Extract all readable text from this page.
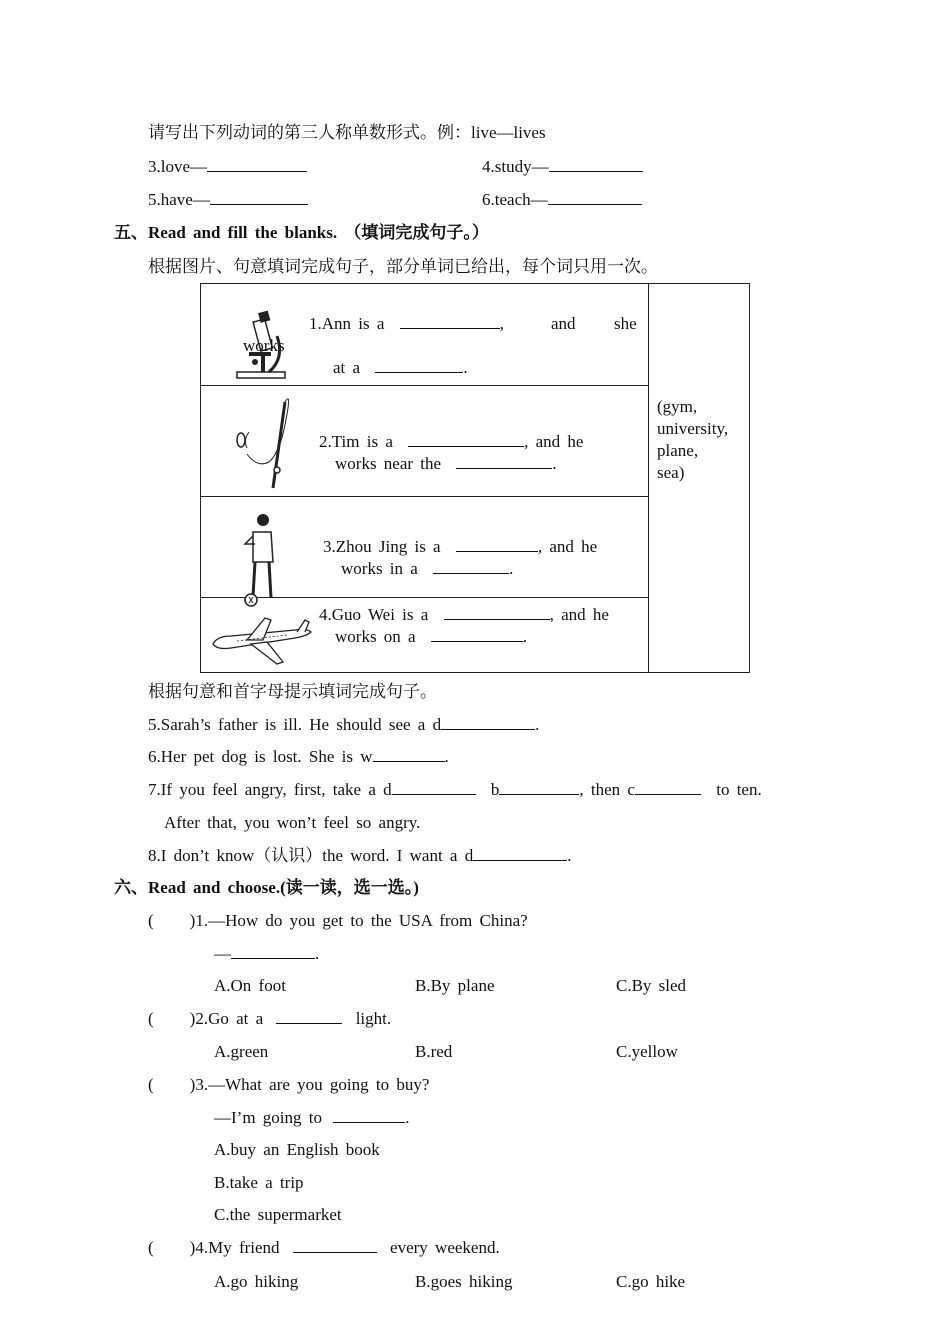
请写出下列动词的第三人称单数形式。例：live—lives
3.love—	4.study—
5.have—	6.teach—
五、Read and fill the blanks. （填词完成句子。）
根据图片、句意填词完成句子，部分单词已给出，每个词只用一次。
1.Ann is a	,	and she
works
at a	.
2.Tim is a	, and he
works near the	.
3.Zhou Jing is a	, and he
works in a	.
4.Guo Wei is a	, and he
works on a	.
(gym,
university,
plane,
sea)
根据句意和首字母提示填词完成句子。
5.Sarah’s father is ill. He should see a d	.
6.Her pet dog is lost. She is w	.
7.If you feel angry, first, take a d	b	, then c	to ten.
After that, you won’t feel so angry.
8.I don’t know（认识）the word. I want a d	.
六、Read and choose.(读一读，选一选。)
( )1.—How do you get to the USA from China?
—	.
A.On foot	B.By plane	C.By sled
( )2.Go at a	light.
A.green	B.red	C.yellow
( )3.—What are you going to buy?
—I’m going to	.
A.buy an English book
B.take a trip
C.the supermarket
( )4.My friend	every weekend.
A.go hiking	B.goes hiking	C.go hike
